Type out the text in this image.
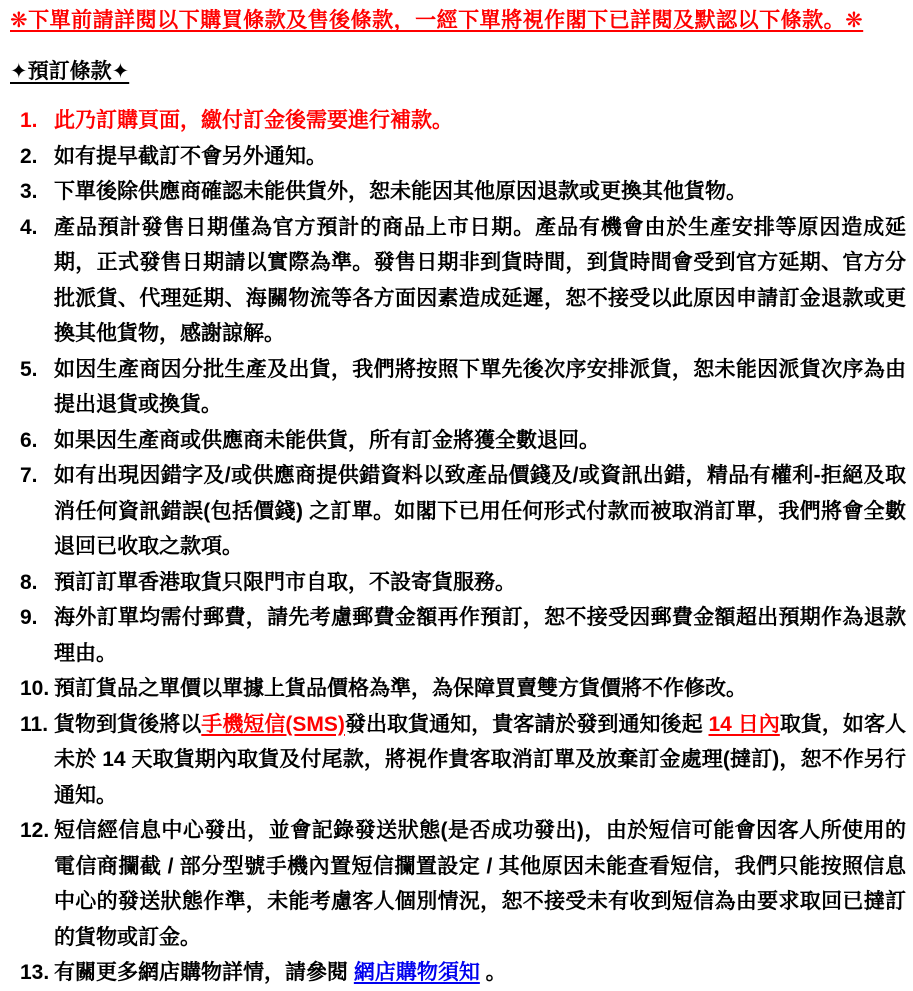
❋下單前請詳閱以下購買條款及售後條款，一經下單將視作閣下已詳閱及默認以下條款。❋
✦預訂條款✦
1. 此乃訂購頁面，繳付訂金後需要進行補款。
2. 如有提早截訂不會另外通知。
3. 下單後除供應商確認未能供貨外，恕未能因其他原因退款或更換其他貨物。
4. 產品預計發售日期僅為官方預計的商品上市日期。產品有機會由於生產安排等原因造成延期，正式發售日期請以實際為準。發售日期非到貨時間，到貨時間會受到官方延期、官方分批派貨、代理延期、海關物流等各方面因素造成延遲，恕不接受以此原因申請訂金退款或更換其他貨物，感謝諒解。
5. 如因生產商因分批生產及出貨，我們將按照下單先後次序安排派貨，恕未能因派貨次序為由提出退貨或換貨。
6. 如果因生產商或供應商未能供貨，所有訂金將獲全數退回。
7. 如有出現因錯字及/或供應商提供錯資料以致產品價錢及/或資訊出錯，精品有權利-拒絕及取消任何資訊錯誤(包括價錢) 之訂單。如閣下已用任何形式付款而被取消訂單，我們將會全數退回已收取之款項。
8. 預訂訂單香港取貨只限門市自取，不設寄貨服務。
9. 海外訂單均需付郵費，請先考慮郵費金額再作預訂，恕不接受因郵費金額超出預期作為退款理由。
10. 預訂貨品之單價以單據上貨品價格為準，為保障買賣雙方貨價將不作修改。
11. 貨物到貨後將以手機短信(SMS)發出取貨通知，貴客請於發到通知後起 14 日內取貨，如客人未於 14 天取貨期內取貨及付尾款，將視作貴客取消訂單及放棄訂金處理(撻訂)，恕不作另行通知。
12. 短信經信息中心發出，並會記錄發送狀態(是否成功發出)，由於短信可能會因客人所使用的電信商攔截 / 部分型號手機內置短信攔置設定 / 其他原因未能查看短信，我們只能按照信息中心的發送狀態作準，未能考慮客人個別情況，恕不接受未有收到短信為由要求取回已撻訂的貨物或訂金。
13. 有關更多網店購物詳情，請參閱 網店購物須知 。
